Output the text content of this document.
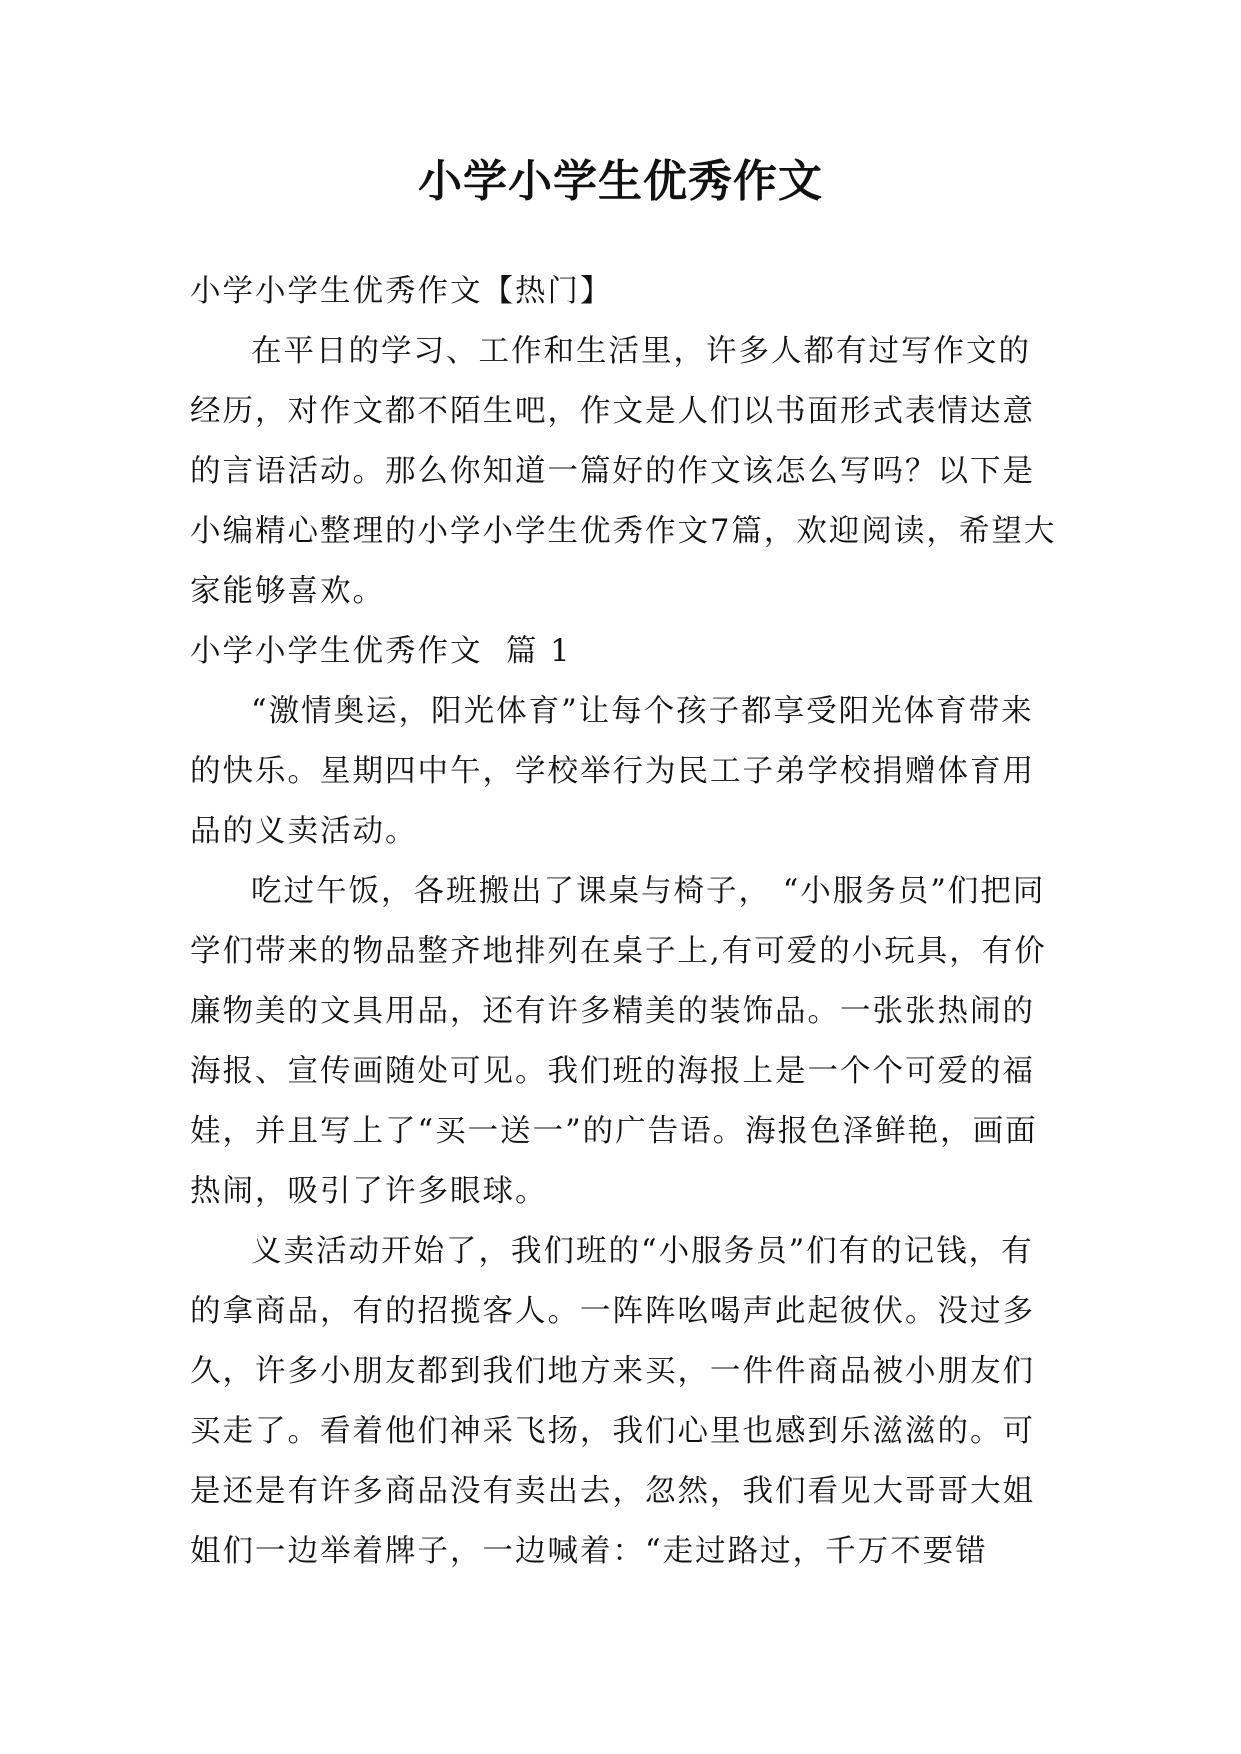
小学小学生优秀作文

小学小学生优秀作文【热门】

在平日的学习、工作和生活里，许多人都有过写作文的经历，对作文都不陌生吧，作文是人们以书面形式表情达意的言语活动。那么你知道一篇好的作文该怎么写吗？以下是小编精心整理的小学小学生优秀作文7篇，欢迎阅读，希望大家能够喜欢。

小学小学生优秀作文  篇 1

“激情奥运，阳光体育”让每个孩子都享受阳光体育带来的快乐。星期四中午，学校举行为民工子弟学校捐赠体育用品的义卖活动。

吃过午饭，各班搬出了课桌与椅子， “小服务员”们把同学们带来的物品整齐地排列在桌子上,有可爱的小玩具，有价廉物美的文具用品，还有许多精美的装饰品。一张张热闹的海报、宣传画随处可见。我们班的海报上是一个个可爱的福娃，并且写上了“买一送一”的广告语。海报色泽鲜艳，画面热闹，吸引了许多眼球。

义卖活动开始了，我们班的“小服务员”们有的记钱，有的拿商品，有的招揽客人。一阵阵吆喝声此起彼伏。没过多久，许多小朋友都到我们地方来买，一件件商品被小朋友们买走了。看着他们神采飞扬，我们心里也感到乐滋滋的。可是还是有许多商品没有卖出去，忽然，我们看见大哥哥大姐姐们一边举着牌子，一边喊着：“走过路过，千万不要错
